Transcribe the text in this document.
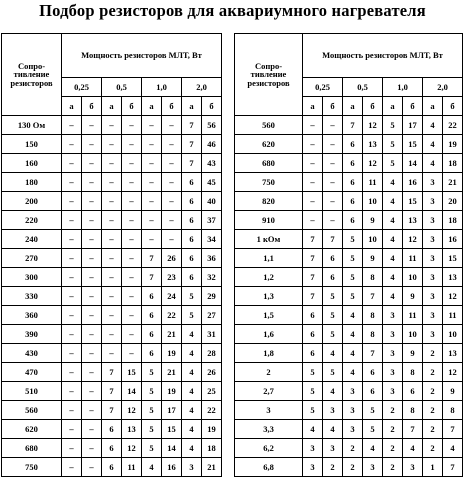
Подбор резисторов для аквариумного нагревателя
Сопро-
тивление
резисторов	Мощность резисторов МЛТ, Вт							
	0,25		0,5		1,0		2,0	
	а	б	а	б	а	б	а	б
130 Ом	–	–	–	–	–	–	7	56
150	–	–	–	–	–	–	7	46
160	–	–	–	–	–	–	7	43
180	–	–	–	–	–	–	6	45
200	–	–	–	–	–	–	6	40
220	–	–	–	–	–	–	6	37
240	–	–	–	–	–	–	6	34
270	–	–	–	–	7	26	6	36
300	–	–	–	–	7	23	6	32
330	–	–	–	–	6	24	5	29
360	–	–	–	–	6	22	5	27
390	–	–	–	–	6	21	4	31
430	–	–	–	–	6	19	4	28
470	–	–	7	15	5	21	4	26
510	–	–	7	14	5	19	4	25
560	–	–	7	12	5	17	4	22
620	–	–	6	13	5	15	4	19
680	–	–	6	12	5	14	4	18
750	–	–	6	11	4	16	3	21
Сопро-
тивление
резисторов	Мощность резисторов МЛТ, Вт							
	0,25		0,5		1,0		2,0	
	а	б	а	б	а	б	а	б
560	–	–	7	12	5	17	4	22
620	–	–	6	13	5	15	4	19
680	–	–	6	12	5	14	4	18
750	–	–	6	11	4	16	3	21
820	–	–	6	10	4	15	3	20
910	–	–	6	9	4	13	3	18
1 кОм	7	7	5	10	4	12	3	16
1,1	7	6	5	9	4	11	3	15
1,2	7	6	5	8	4	10	3	13
1,3	7	5	5	7	4	9	3	12
1,5	6	5	4	8	3	11	3	11
1,6	6	5	4	8	3	10	3	10
1,8	6	4	4	7	3	9	2	13
2	5	5	4	6	3	8	2	12
2,7	5	4	3	6	3	6	2	9
3	5	3	3	5	2	8	2	8
3,3	4	4	3	5	2	7	2	7
6,2	3	3	2	4	2	4	2	4
6,8	3	2	2	3	2	3	1	7
